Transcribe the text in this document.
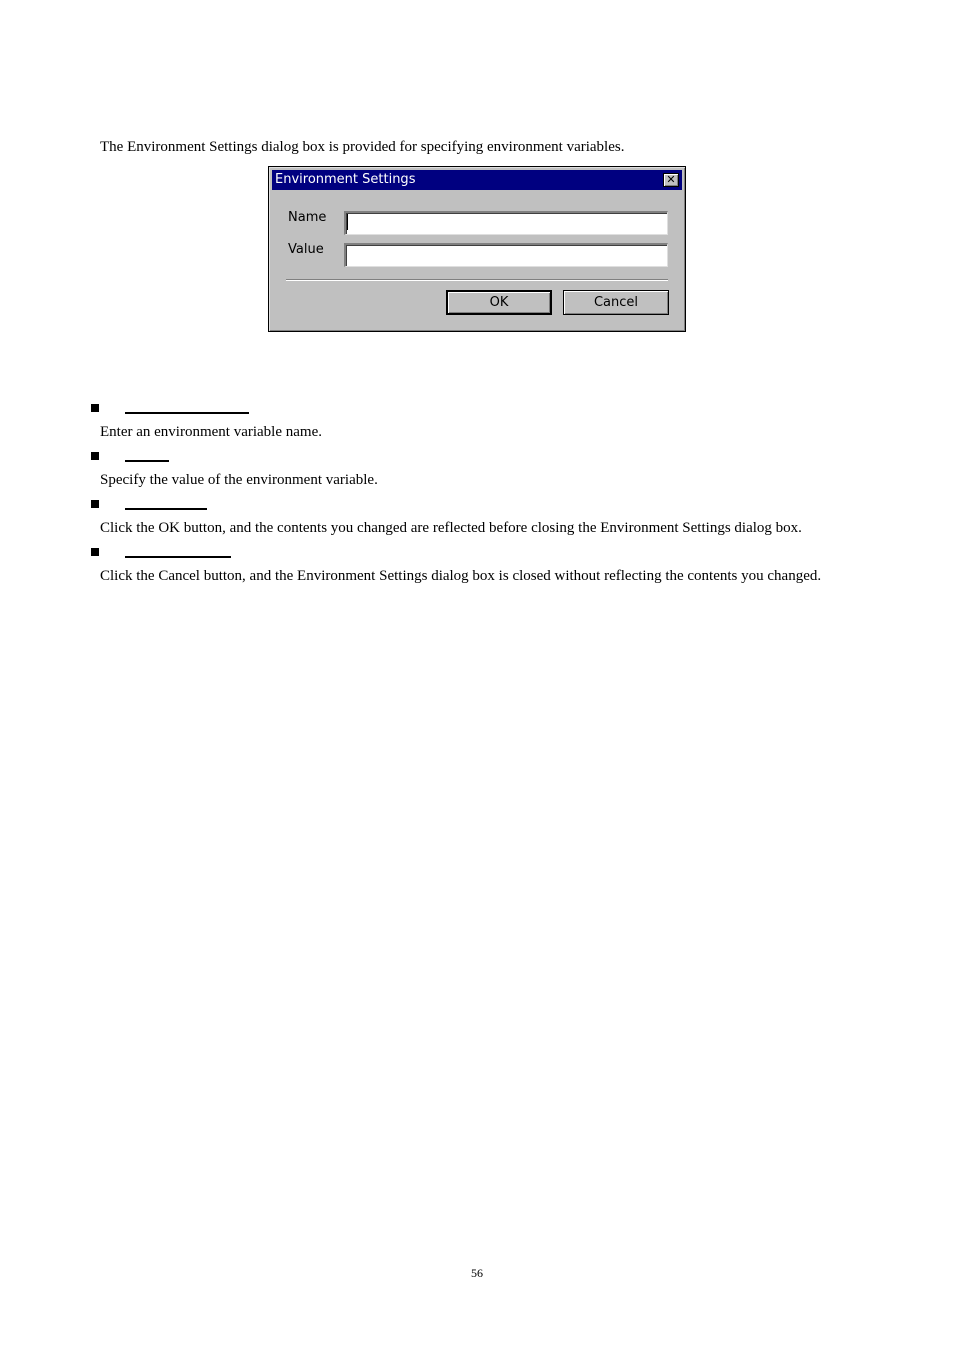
The Environment Settings dialog box is provided for specifying environment variables.
Environment Settings	✕
Name
Value
OK	Cancel
Enter an environment variable name.
Specify the value of the environment variable.
Click the OK button, and the contents you changed are reflected before closing the Environment Settings dialog box.
Click the Cancel button, and the Environment Settings dialog box is closed without reflecting the contents you changed.
56
